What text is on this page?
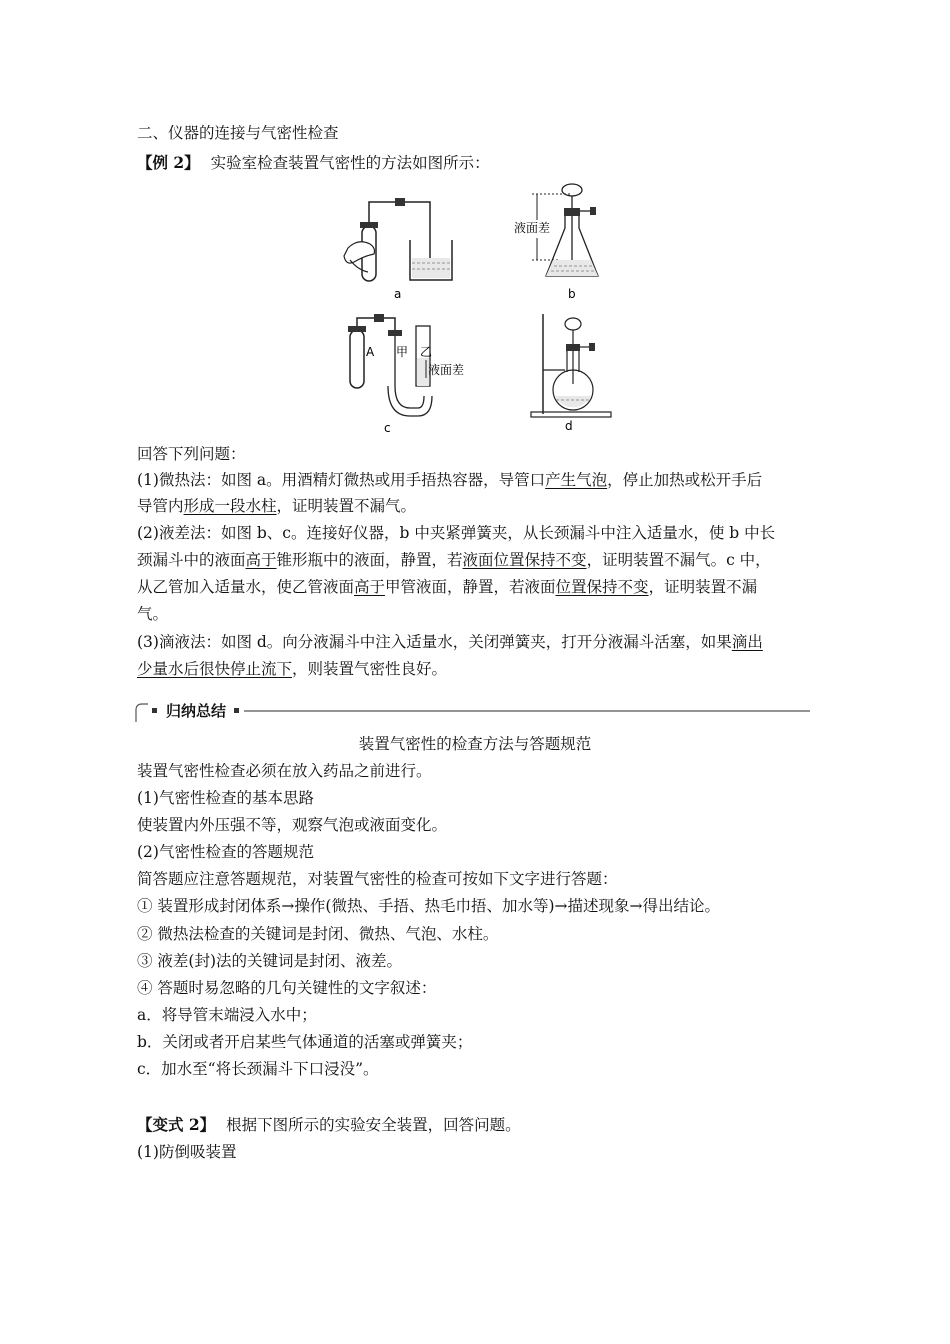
二、仪器的连接与气密性检查
【例 2】 实验室检查装置气密性的方法如图所示：
a
液面差
b
A 甲 乙
液面差
c	d
回答下列问题：
(1)微热法：如图 a。用酒精灯微热或用手捂热容器，导管口产生气泡，停止加热或松开手后
导管内形成一段水柱，证明装置不漏气。
(2)液差法：如图 b、c。连接好仪器，b 中夹紧弹簧夹，从长颈漏斗中注入适量水，使 b 中长
颈漏斗中的液面高于锥形瓶中的液面，静置，若液面位置保持不变，证明装置不漏气。c 中，
从乙管加入适量水，使乙管液面高于甲管液面，静置，若液面位置保持不变，证明装置不漏
气。
(3)滴液法：如图 d。向分液漏斗中注入适量水，关闭弹簧夹，打开分液漏斗活塞，如果滴出
少量水后很快停止流下，则装置气密性良好。
归纳总结
装置气密性的检查方法与答题规范
装置气密性检查必须在放入药品之前进行。
(1)气密性检查的基本思路
使装置内外压强不等，观察气泡或液面变化。
(2)气密性检查的答题规范
简答题应注意答题规范，对装置气密性的检查可按如下文字进行答题：
① 装置形成封闭体系→操作(微热、手捂、热毛巾捂、加水等)→描述现象→得出结论。
② 微热法检查的关键词是封闭、微热、气泡、水柱。
③ 液差(封)法的关键词是封闭、液差。
④ 答题时易忽略的几句关键性的文字叙述：
a．将导管末端浸入水中；
b．关闭或者开启某些气体通道的活塞或弹簧夹；
c．加水至“将长颈漏斗下口浸没”。
【变式 2】 根据下图所示的实验安全装置，回答问题。
(1)防倒吸装置
